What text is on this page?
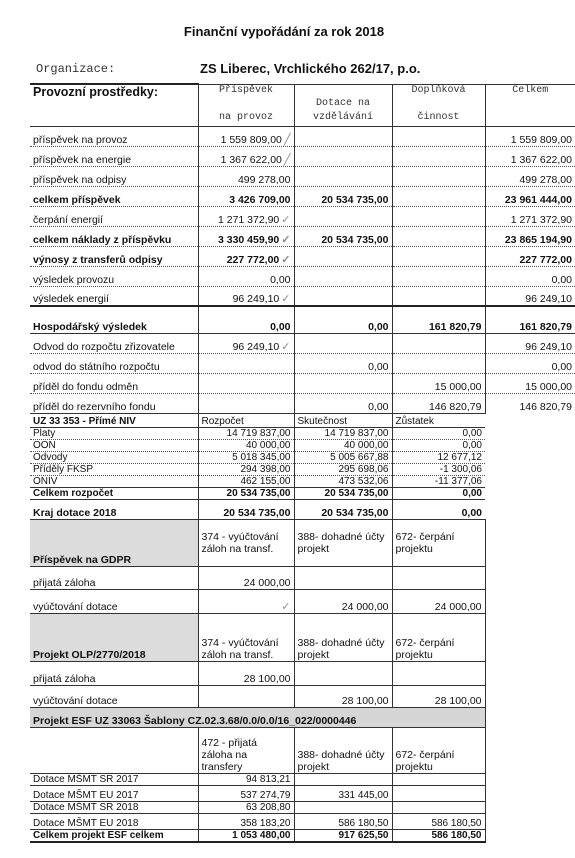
Finanční vypořádání za rok 2018
Organizace:	ZS Liberec, Vrchlického 262/17, p.o.
Provozní prostředky:	Příspěvek		Doplňková	Celkem
		Dotace na		
	na provoz	vzdělávání	činnost	
příspěvek na provoz	1 559 809,00 ╱			1 559 809,00
příspěvek na energie	1 367 622,00 ╱			1 367 622,00
příspěvek na odpisy	499 278,00			499 278,00
celkem příspěvek	3 426 709,00	20 534 735,00		23 961 444,00
čerpání energií	1 271 372,90 ✓			1 271 372,90
celkem náklady z příspěvku	3 330 459,90 ✓	20 534 735,00		23 865 194,90
výnosy z transferů odpisy	227 772,00 ✓			227 772,00
výsledek provozu	0,00			0,00
výsledek energií	96 249,10 ✓			96 249,10
Hospodářský výsledek	0,00	0,00	161 820,79	161 820,79
Odvod do rozpočtu zřizovatele	96 249,10 ✓			96 249,10
odvod do státního rozpočtu		0,00		0,00
příděl do fondu odměn			15 000,00	15 000,00
příděl do rezervního fondu		0,00	146 820,79	146 820,79
UZ 33 353 - Přímé NIV	Rozpočet	Skutečnost	Zůstatek	
Platy	14 719 837,00	14 719 837,00	0,00	
OON	40 000,00	40 000,00	0,00	
Odvody	5 018 345,00	5 005 667,88	12 677,12	
Příděly FKSP	294 398,00	295 698,06	-1 300,06	
ONIV	462 155,00	473 532,06	-11 377,06	
Celkem rozpočet	20 534 735,00	20 534 735,00	0,00	
Kraj dotace 2018	20 534 735,00	20 534 735,00	0,00	
Příspěvek na GDPR	374 - vyúčtování záloh na transf.	388- dohadné účty projekt	672- čerpání projektu	
přijatá záloha	24 000,00			
vyúčtování dotace	✓	24 000,00	24 000,00	
Projekt OLP/2770/2018	374 - vyúčtování záloh na transf.	388- dohadné účty projekt	672- čerpání projektu	
přijatá záloha	28 100,00			
vyúčtování dotace		28 100,00	28 100,00	
Projekt ESF UZ 33063 Šablony CZ.02.3.68/0.0/0.0/16_022/0000446				
	472 - přijatá záloha na transfery	388- dohadné účty projekt	672- čerpání projektu	
Dotace MŠMT SR 2017	94 813,21			
Dotace MŠMT EU 2017	537 274,79	331 445,00		
Dotace MŠMT SR 2018	63 208,80			
Dotace MŠMT EU 2018	358 183,20	586 180,50	586 180,50	
Celkem projekt ESF celkem	1 053 480,00	917 625,50	586 180,50	
